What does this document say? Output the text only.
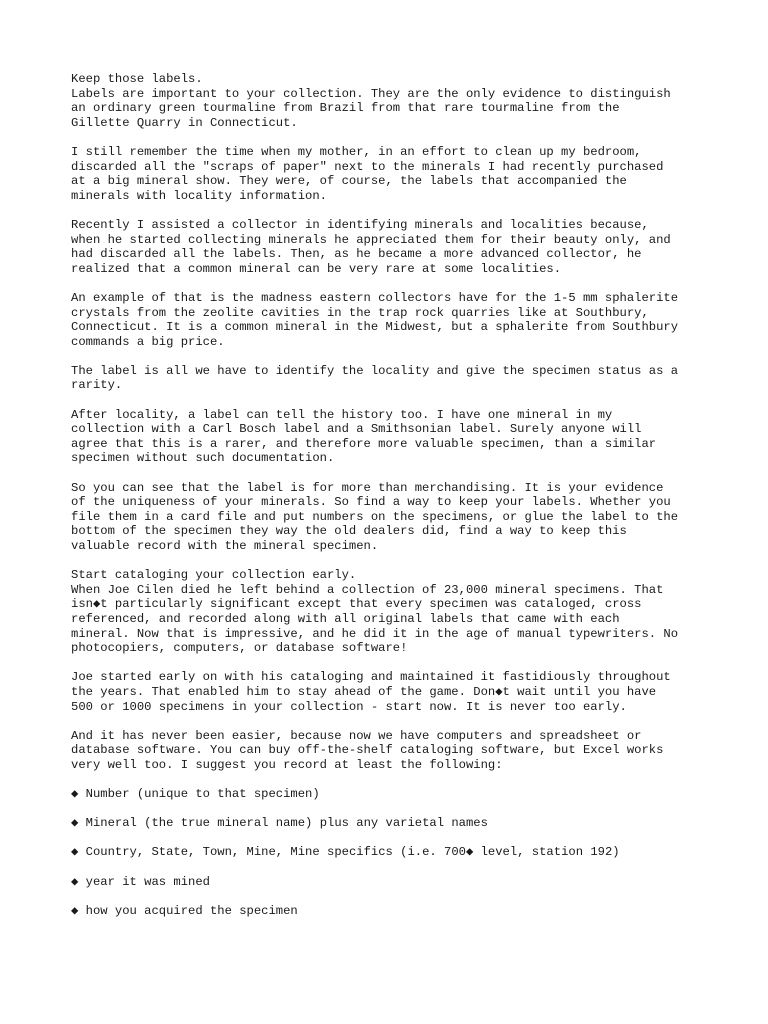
Keep those labels.
Labels are important to your collection. They are the only evidence to distinguish
an ordinary green tourmaline from Brazil from that rare tourmaline from the
Gillette Quarry in Connecticut.
I still remember the time when my mother, in an effort to clean up my bedroom,
discarded all the "scraps of paper" next to the minerals I had recently purchased
at a big mineral show. They were, of course, the labels that accompanied the
minerals with locality information.
Recently I assisted a collector in identifying minerals and localities because,
when he started collecting minerals he appreciated them for their beauty only, and
had discarded all the labels. Then, as he became a more advanced collector, he
realized that a common mineral can be very rare at some localities.
An example of that is the madness eastern collectors have for the 1-5 mm sphalerite
crystals from the zeolite cavities in the trap rock quarries like at Southbury,
Connecticut. It is a common mineral in the Midwest, but a sphalerite from Southbury
commands a big price.
The label is all we have to identify the locality and give the specimen status as a
rarity.
After locality, a label can tell the history too. I have one mineral in my
collection with a Carl Bosch label and a Smithsonian label. Surely anyone will
agree that this is a rarer, and therefore more valuable specimen, than a similar
specimen without such documentation.
So you can see that the label is for more than merchandising. It is your evidence
of the uniqueness of your minerals. So find a way to keep your labels. Whether you
file them in a card file and put numbers on the specimens, or glue the label to the
bottom of the specimen they way the old dealers did, find a way to keep this
valuable record with the mineral specimen.
Start cataloging your collection early.
When Joe Cilen died he left behind a collection of 23,000 mineral specimens. That
isn◆t particularly significant except that every specimen was cataloged, cross
referenced, and recorded along with all original labels that came with each
mineral. Now that is impressive, and he did it in the age of manual typewriters. No
photocopiers, computers, or database software!
Joe started early on with his cataloging and maintained it fastidiously throughout
the years. That enabled him to stay ahead of the game. Don◆t wait until you have
500 or 1000 specimens in your collection - start now. It is never too early.
And it has never been easier, because now we have computers and spreadsheet or
database software. You can buy off-the-shelf cataloging software, but Excel works
very well too. I suggest you record at least the following:
◆ Number (unique to that specimen)
◆ Mineral (the true mineral name) plus any varietal names
◆ Country, State, Town, Mine, Mine specifics (i.e. 700◆ level, station 192)
◆ year it was mined
◆ how you acquired the specimen
